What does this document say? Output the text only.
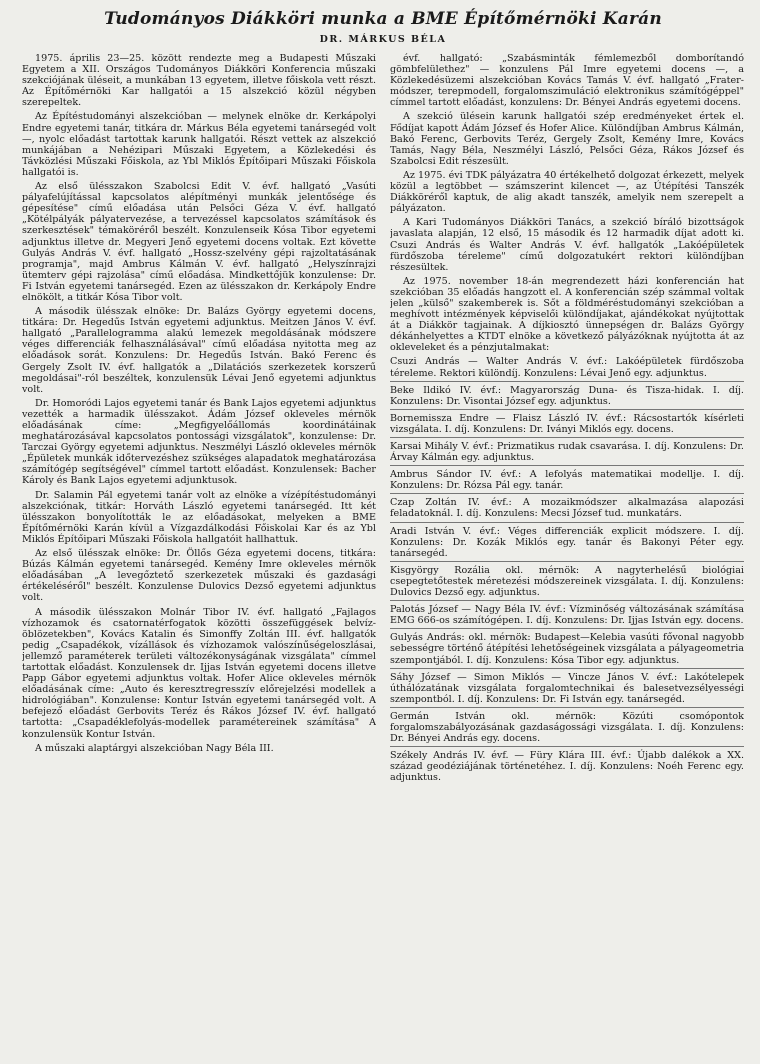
Tudományos Diákköri munka a BME Építőmérnöki Karán
DR. MÁRKUS BÉLA

1975. április 23—25. között rendezte meg a Budapesti Műszaki Egyetem a XII. Országos Tudományos Diákköri Konferencia műszaki szekciójának üléseit, a munkában 13 egyetem, illetve főiskola vett részt. Az Építőmérnöki Kar hallgatói a 15 alszekció közül négyben szerepeltek.

Az Építéstudományi alszekcióban — melynek elnöke dr. Kerkápolyi Endre egyetemi tanár, titkára dr. Márkus Béla egyetemi tanársegéd volt —, nyolc előadást tartottak karunk hallgatói. Részt vettek az alszekció munkájában a Nehézipari Műszaki Egyetem, a Közlekedési és Távközlési Műszaki Főiskola, az Ybl Miklós Építőipari Műszaki Főiskola hallgatói is.

Az első ülésszakon Szabolcsi Edit V. évf. hallgató „Vasúti pályafelújítással kapcsolatos alépítményi munkák jelentősége és gépesítése" című előadása után Pelsőci Géza V. évf. hallgató „Kötélpályák pályatervezése, a tervezéssel kapcsolatos számítások és szerkesztések" témaköréről beszélt. Konzulenseik Kósa Tibor egyetemi adjunktus illetve dr. Megyeri Jenő egyetemi docens voltak. Ezt követte Gulyás András V. évf. hallgató „Hossz-szelvény gépi rajzoltatásának programja", majd Ambrus Kálmán V. évf. hallgató „Helyszínrajzi ütemterv gépi rajzolása" című előadása. Mindkettőjük konzulense: Dr. Fi István egyetemi tanársegéd. Ezen az ülésszakon dr. Kerkápoly Endre elnökölt, a titkár Kósa Tibor volt.

A második ülésszak elnöke: Dr. Balázs György egyetemi docens, titkára: Dr. Hegedűs István egyetemi adjunktus. Meitzen János V. évf. hallgató „Parallelogramma alakú lemezek megoldásának módszere véges differenciák felhasználásával" című előadása nyitotta meg az előadások sorát. Konzulens: Dr. Hegedűs István. Bakó Ferenc és Gergely Zsolt IV. évf. hallgatók a „Dilatációs szerkezetek korszerű megoldásai"-ról beszéltek, konzulensük Lévai Jenő egyetemi adjunktus volt.

Dr. Homoródi Lajos egyetemi tanár és Bank Lajos egyetemi adjunktus vezették a harmadik ülésszakot. Ádám József okleveles mérnök előadásának címe: „Megfigyelőállomás koordinátáinak meghatározásával kapcsolatos pontossági vizsgálatok", konzulense: Dr. Tarczai György egyetemi adjunktus. Neszmélyi László okleveles mérnök „Épületek munkák időtervezéshez szükséges alapadatok meghatározása számítógép segítségével" címmel tartott előadást. Konzulensek: Bacher Károly és Bank Lajos egyetemi adjunktusok.

Dr. Salamin Pál egyetemi tanár volt az elnöke a vízépítéstudományi alszekciónak, titkár: Horváth László egyetemi tanársegéd. Itt két ülésszakon bonyolították le az előadásokat, melyeken a BME Építőmérnöki Karán kívül a Vízgazdálkodási Főiskolai Kar és az Ybl Miklós Építőipari Műszaki Főiskola hallgatóit hallhattuk.

Az első ülésszak elnöke: Dr. Öllős Géza egyetemi docens, titkára: Búzás Kálmán egyetemi tanársegéd. Kemény Imre okleveles mérnök előadásában „A levegőztető szerkezetek műszaki és gazdasági értékeléséről" beszélt. Konzulense Dulovics Dezső egyetemi adjunktus volt.

A második ülésszakon Molnár Tibor IV. évf. hallgató „Fajlagos vízhozamok és csatornatérfogatok közötti összefüggések belvíz-öblözetekben", Kovács Katalin és Simonffy Zoltán III. évf. hallgatók pedig „Csapadékok, vízállások és vízhozamok valószínűségeloszlásai, jellemző paraméterek területi változékonyságának vizsgálata" címmel tartottak előadást. Konzulensek dr. Ijjas István egyetemi docens illetve Papp Gábor egyetemi adjunktus voltak. Hofer Alice okleveles mérnök előadásának címe: „Auto és keresztregresszív előrejelzési modellek a hidrológiában". Konzulense: Kontur István egyetemi tanársegéd volt. A befejező előadást Gerbovits Teréz és Rákos József IV. évf. hallgató tartotta: „Csapadéklefolyás-modellek paramétereinek számítása" A konzulensük Kontur István.

A műszaki alaptárgyi alszekcióban Nagy Béla III.

évf. hallgató: „Szabásminták fémlemezből domborítandó gömbfelülethez" — konzulens Pál Imre egyetemi docens —, a Közlekedésüzemi alszekcióban Kovács Tamás V. évf. hallgató „Frater-módszer, terepmodell, forgalomszimuláció elektronikus számítógéppel" címmel tartott előadást, konzulens: Dr. Bényei András egyetemi docens.

A szekció ülésein karunk hallgatói szép eredményeket értek el. Fődíjat kapott Ádám József és Hofer Alice. Különdíjban Ambrus Kálmán, Bakó Ferenc, Gerbovits Teréz, Gergely Zsolt, Kemény Imre, Kovács Tamás, Nagy Béla, Neszmélyi László, Pelsőci Géza, Rákos József és Szabolcsi Edit részesült.

Az 1975. évi TDK pályázatra 40 értékelhető dolgozat érkezett, melyek közül a legtöbbet — számszerint kilencet —, az Útépítési Tanszék Diákköréről kaptuk, de alig akadt tanszék, amelyik nem szerepelt a pályázaton.

A Kari Tudományos Diákköri Tanács, a szekció bíráló bizottságok javaslata alapján, 12 első, 15 második és 12 harmadik díjat adott ki. Csuzi András és Walter András V. évf. hallgatók „Lakóépületek fürdőszoba téreleme" című dolgozatukért rektori különdíjban részesültek.

Az 1975. november 18-án megrendezett házi konferencián hat szekcióban 35 előadás hangzott el. A konferencián szép számmal voltak jelen „külső" szakemberek is. Sőt a földméréstudományi szekcióban a meghívott intézmények képviselői különdíjakat, ajándékokat nyújtottak át a Diákkör tagjainak. A díjkiosztó ünnepségen dr. Balázs György dékánhelyettes a KTDT elnöke a következő pályázóknak nyújtotta át az okleveleket és a pénzjutalmakat:

Csuzi András — Walter András V. évf.: Lakóépületek fürdőszoba téreleme. Rektori különdíj. Konzulens: Lévai Jenő egy. adjunktus.

Beke Ildikó IV. évf.: Magyarország Duna- és Tisza-hidak. I. díj. Konzulens: Dr. Visontai József egy. adjunktus.

Bornemissza Endre — Flaisz László IV. évf.: Rácsostartók kísérleti vizsgálata. I. díj. Konzulens: Dr. Iványi Miklós egy. docens.

Karsai Mihály V. évf.: Prizmatikus rudak csavarása. I. díj. Konzulens: Dr. Árvay Kálmán egy. adjunktus.

Ambrus Sándor IV. évf.: A lefolyás matematikai modellje. I. díj. Konzulens: Dr. Rózsa Pál egy. tanár.

Czap Zoltán IV. évf.: A mozaikmódszer alkalmazása alapozási feladatoknál. I. díj. Konzulens: Mecsi József tud. munkatárs.

Aradi István V. évf.: Véges differenciák explicit módszere. I. díj. Konzulens: Dr. Kozák Miklós egy. tanár és Bakonyi Péter egy. tanársegéd.

Kisgyörgy Rozália okl. mérnök: A nagyterhelésű biológiai csepegtetőtestek méretezési módszereinek vizsgálata. I. díj. Konzulens: Dulovics Dezső egy. adjunktus.

Palotás József — Nagy Béla IV. évf.: Vízminőség változásának számítása EMG 666-os számítógépen. I. díj. Konzulens: Dr. Ijjas István egy. docens.

Gulyás András: okl. mérnök: Budapest—Kelebia vasúti fővonal nagyobb sebességre történő átépítési lehetőségeinek vizsgálata a pályageometria szempontjából. I. díj. Konzulens: Kósa Tibor egy. adjunktus.

Sáhy József — Simon Miklós — Vincze János V. évf.: Lakótelepek úthálózatának vizsgálata forgalomtechnikai és balesetvezsélyességi szempontból. I. díj. Konzulens: Dr. Fi István egy. tanársegéd.

Germán István okl. mérnök: Közúti csomópontok forgalomszabályozásának gazdaságossági vizsgálata. I. díj. Konzulens: Dr. Bényei András egy. docens.

Székely András IV. évf. — Füry Klára III. évf.: Újabb dalékok a XX. század geodéziájának történetéhez. I. díj. Konzulens: Noéh Ferenc egy. adjunktus.
